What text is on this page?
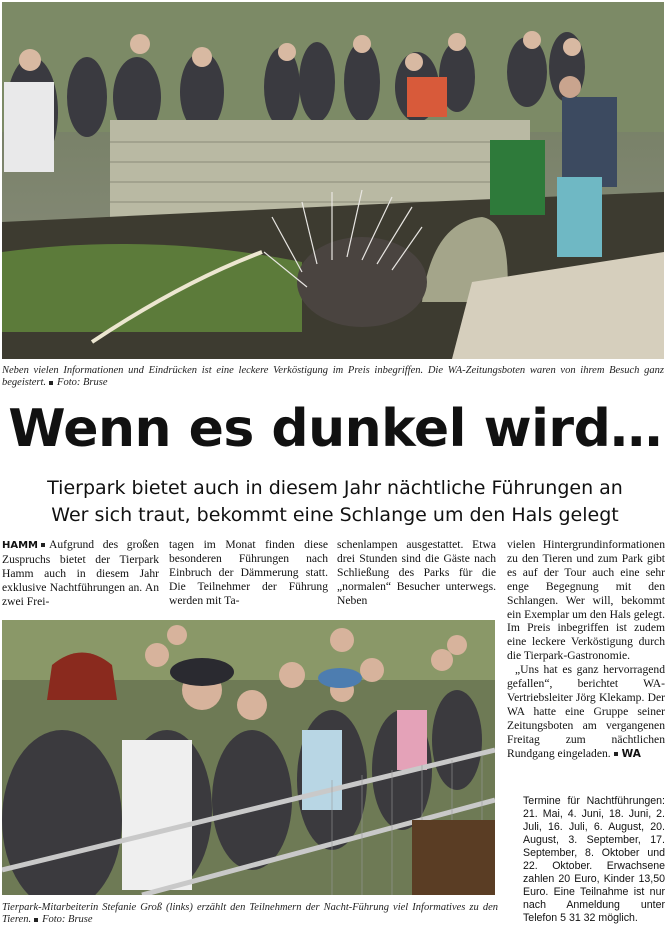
Neben vielen Informationen und Eindrücken ist eine leckere Verköstigung im Preis inbegriffen. Die WA-Zeitungsboten waren von ihrem Besuch ganz begeistert. Foto: Bruse
Wenn es dunkel wird…
Tierpark bietet auch in diesem Jahr nächtliche Führungen an
Wer sich traut, bekommt eine Schlange um den Hals gelegt

HAMM Aufgrund des großen Zuspruchs bietet der Tierpark Hamm auch in diesem Jahr exklusive Nachtführungen an. An zwei Frei-

tagen im Monat finden diese besonderen Führungen nach Einbruch der Dämmerung statt. Die Teilnehmer der Führung werden mit Ta-

schenlampen ausgestattet. Etwa drei Stunden sind die Gäste nach Schließung des Parks für die „normalen“ Besucher unterwegs. Neben

vielen Hintergrundinformationen zu den Tieren und zum Park gibt es auf der Tour auch eine sehr enge Begegnung mit den Schlangen. Wer will, bekommt ein Exemplar um den Hals gelegt. Im Preis inbegriffen ist zudem eine leckere Verköstigung durch die Tierpark-Gastronomie.

„Uns hat es ganz hervorragend gefallen“, berichtet WA-Vertriebsleiter Jörg Klekamp. Der WA hatte eine Gruppe seiner Zeitungsboten am vergangenen Freitag zum nächtlichen Rundgang eingeladen. WA

Termine für Nachtführungen: 21. Mai, 4. Juni, 18. Juni, 2. Juli, 16. Juli, 6. August, 20. August, 3. September, 17. September, 8. Oktober und 22. Oktober. Erwachsene zahlen 20 Euro, Kinder 13,50 Euro. Eine Teilnahme ist nur nach Anmeldung unter Telefon 5 31 32 möglich.
Tierpark-Mitarbeiterin Stefanie Groß (links) erzählt den Teilnehmern der Nacht-Führung viel Informatives zu den Tieren. Foto: Bruse
